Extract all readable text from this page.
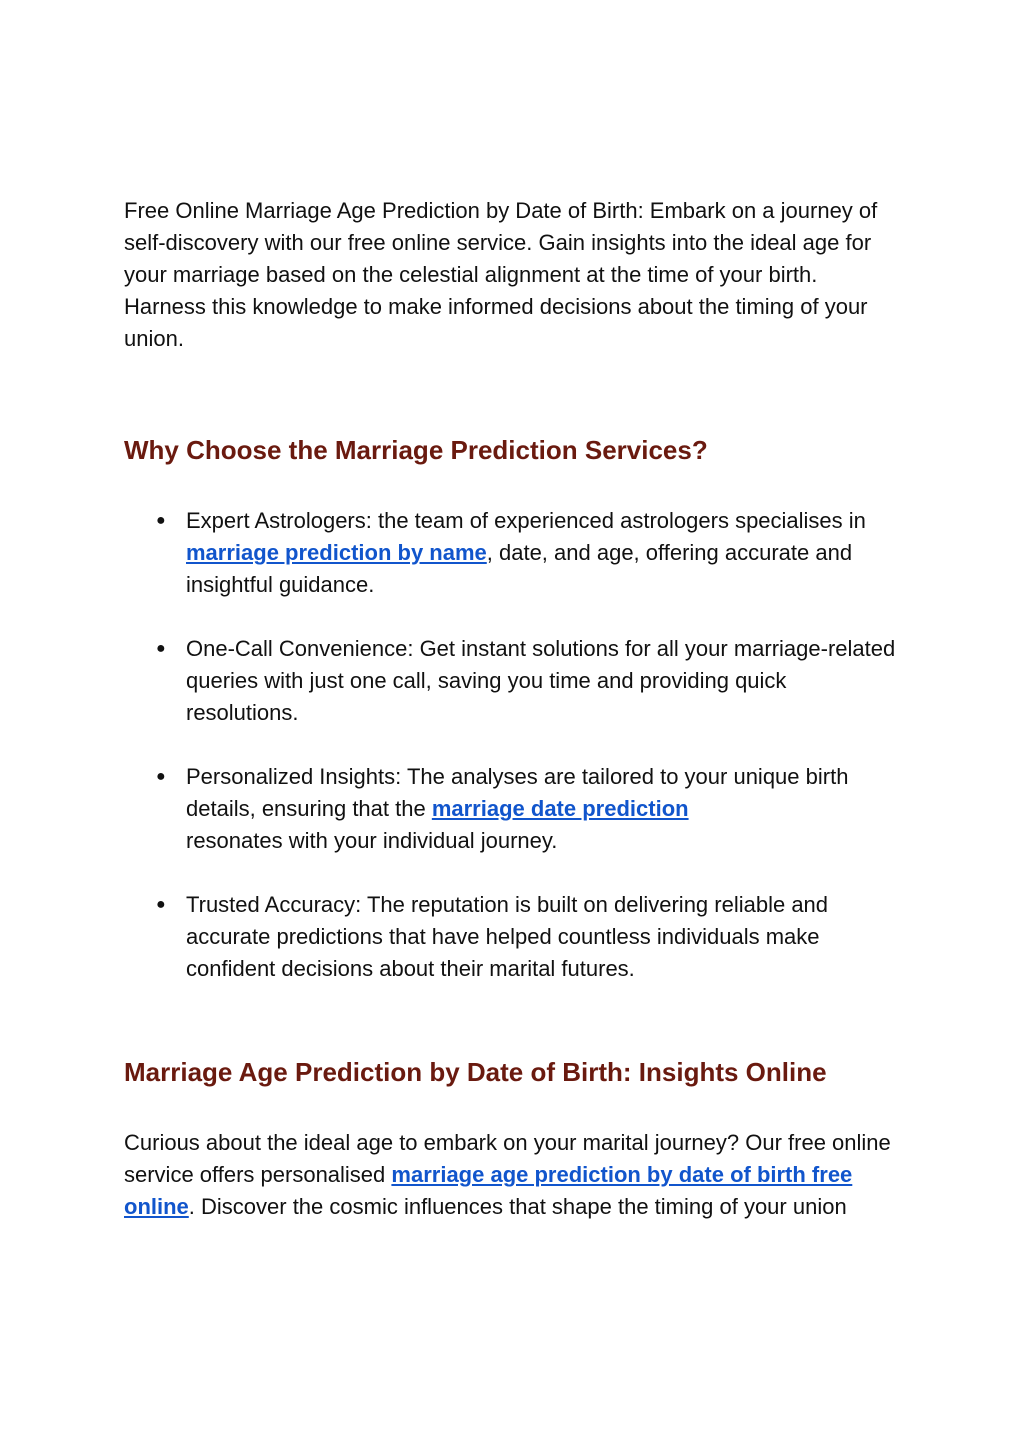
Free Online Marriage Age Prediction by Date of Birth: Embark on a journey of self-discovery with our free online service. Gain insights into the ideal age for your marriage based on the celestial alignment at the time of your birth. Harness this knowledge to make informed decisions about the timing of your union.

Why Choose the Marriage Prediction Services?
● Expert Astrologers: the team of experienced astrologers specialises in marriage prediction by name, date, and age, offering accurate and insightful guidance.
● One-Call Convenience: Get instant solutions for all your marriage-related queries with just one call, saving you time and providing quick resolutions.
● Personalized Insights: The analyses are tailored to your unique birth details, ensuring that the marriage date prediction
resonates with your individual journey.
● Trusted Accuracy: The reputation is built on delivering reliable and accurate predictions that have helped countless individuals make confident decisions about their marital futures.
Marriage Age Prediction by Date of Birth: Insights Online

Curious about the ideal age to embark on your marital journey? Our free online service offers personalised marriage age prediction by date of birth free online. Discover the cosmic influences that shape the timing of your union
